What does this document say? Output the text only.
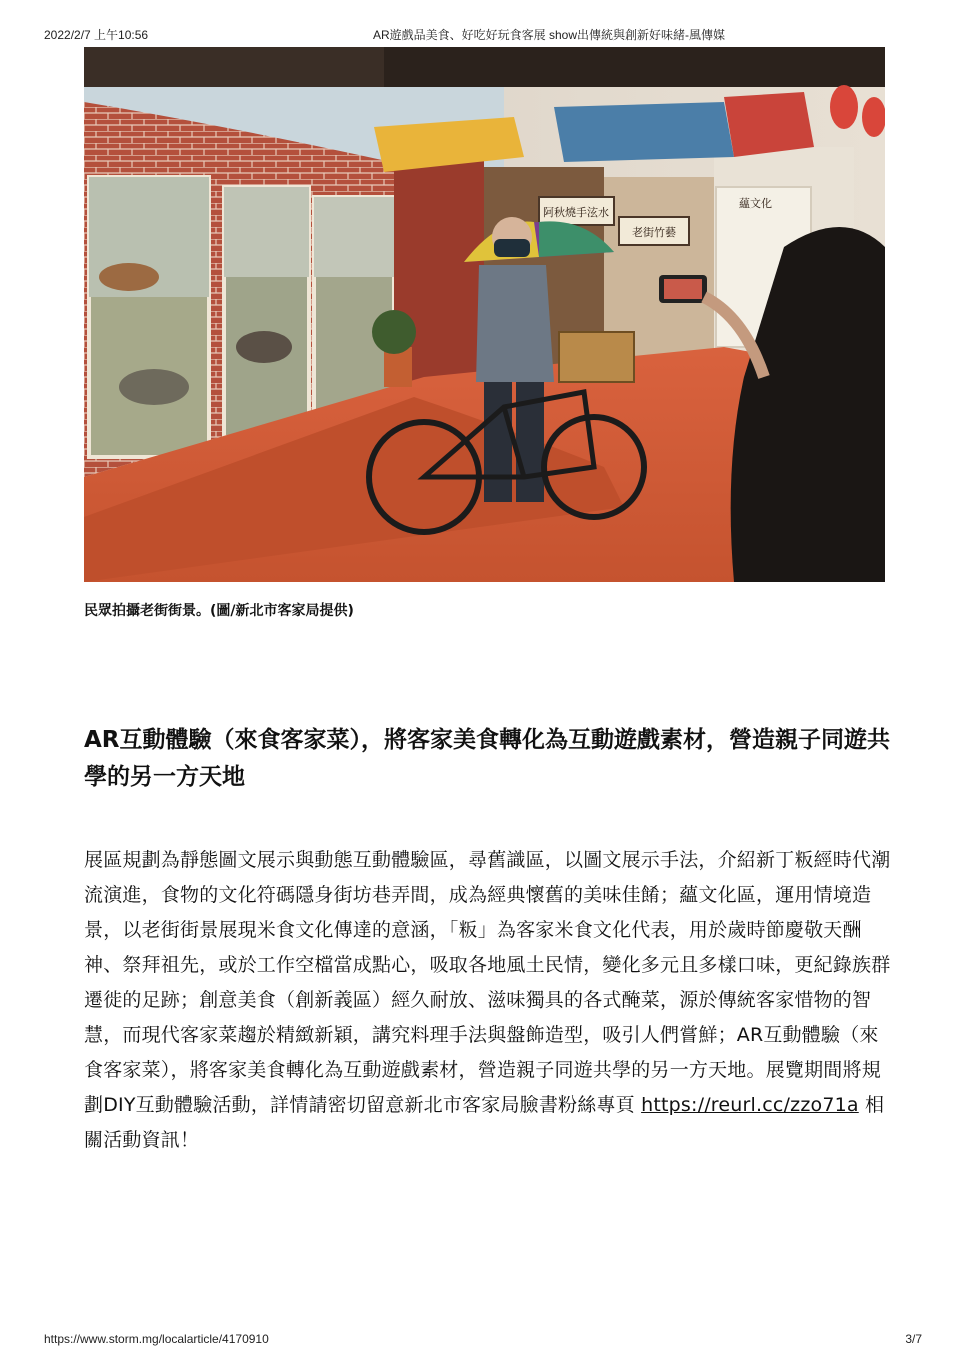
2022/2/7 上午10:56	AR遊戲品美食、好吃好玩食客展 show出傳統與創新好味緒-風傳媒
阿秋燒手泫水
老街竹藝
蘊文化
民眾拍攝老街街景。(圖/新北市客家局提供)
AR互動體驗（來食客家菜），將客家美食轉化為互動遊戲素材，營造親子同遊共學的另一方天地

展區規劃為靜態圖文展示與動態互動體驗區，尋舊識區，以圖文展示手法，介紹新丁粄經時代潮流演進，食物的文化符碼隱身街坊巷弄間，成為經典懷舊的美味佳餚；蘊文化區，運用情境造景，以老街街景展現米食文化傳達的意涵，「粄」為客家米食文化代表，用於歲時節慶敬天酬神、祭拜祖先，或於工作空檔當成點心，吸取各地風土民情，變化多元且多樣口味，更紀錄族群遷徙的足跡；創意美食（創新義區）經久耐放、滋味獨具的各式醃菜，源於傳統客家惜物的智慧，而現代客家菜趨於精緻新穎，講究料理手法與盤飾造型，吸引人們嘗鮮；AR互動體驗（來食客家菜），將客家美食轉化為互動遊戲素材，營造親子同遊共學的另一方天地。展覽期間將規劃DIY互動體驗活動，詳情請密切留意新北市客家局臉書粉絲專頁 https://reurl.cc/zzo71a 相關活動資訊！

https://www.storm.mg/localarticle/4170910	3/7
